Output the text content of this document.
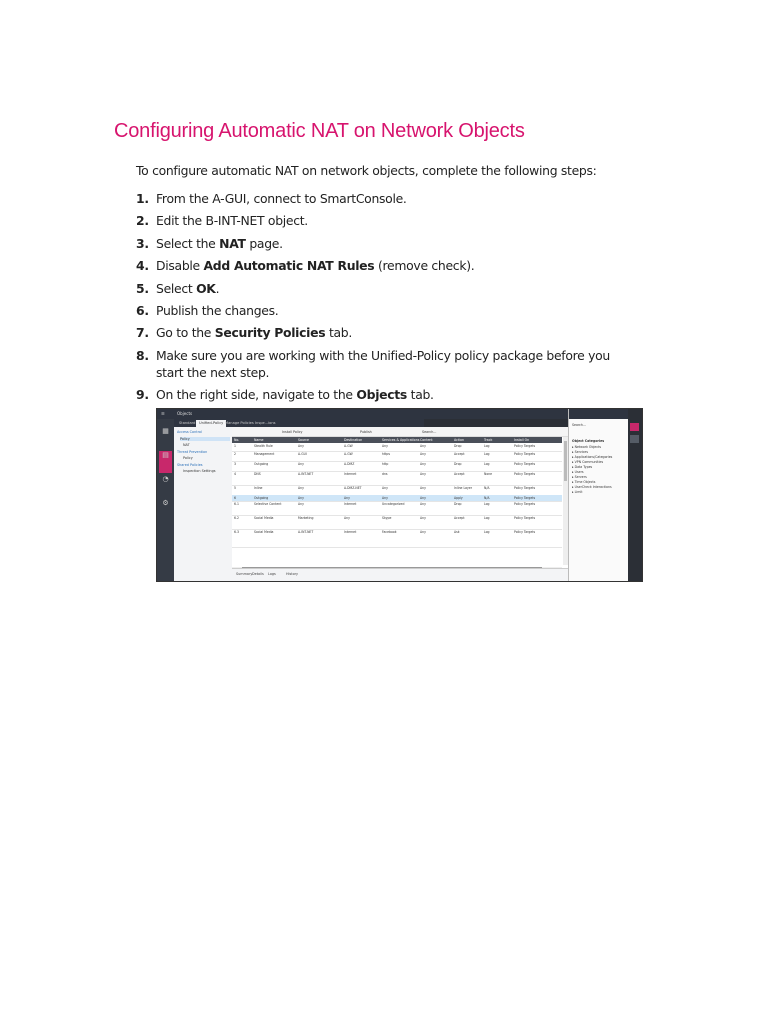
Configuring Automatic NAT on Network Objects
To configure automatic NAT on network objects, complete the following steps:
1. From the A-GUI, connect to SmartConsole.
2. Edit the B-INT-NET object.
3. Select the NAT page.
4. Disable Add Automatic NAT Rules (remove check).
5. Select OK.
6. Publish the changes.
7. Go to the Security Policies tab.
8. Make sure you are working with the Unified-Policy policy package before you start the next step.
9. On the right side, navigate to the Objects tab.
☰	Objects
▦
▤
◔
⚙
Standard	Unified-Policy Manage Policies Inspe...ions
Access Control
Policy
NAT
Threat Prevention
Policy
Shared Policies
Inspection Settings
Install Policy	Publish	Search...
No.	Name	Source	Destination	Services & Applications Content	Action	Track	Install On
1	Stealth Rule	Any	A-GW	Any	Any	Drop	Log	Policy Targets
2	Management	A-GUI	A-GW	https	Any	Accept	Log	Policy Targets
3	Outgoing	Any	A-DMZ	http	Any	Drop	Log	Policy Targets
4	DNS	A-INT-NET	Internet	dns	Any	Accept	None	Policy Targets
5	Inline	Any	A-DMZ-NET	Any	Any	Inline Layer	N/A	Policy Targets
6	Outgoing	Any	Any	Any	Any	Apply	N/A	Policy Targets
6.1	Selective Content	Any	Internet	Uncategorized	Any	Drop	Log	Policy Targets
6.2	Social Media	Marketing	Any	Skype	Any	Accept	Log	Policy Targets
6.3	Social Media	A-INT-NET	Internet	Facebook	Any	Ask	Log	Policy Targets
Summary Details Logs	History
Search...
Object Categories
▸ Network Objects
▸ Services
▸ Applications/Categories
▸ VPN Communities
▸ Data Types
▸ Users
▸ Servers
▸ Time Objects
▸ UserCheck Interactions
▸ Limit
